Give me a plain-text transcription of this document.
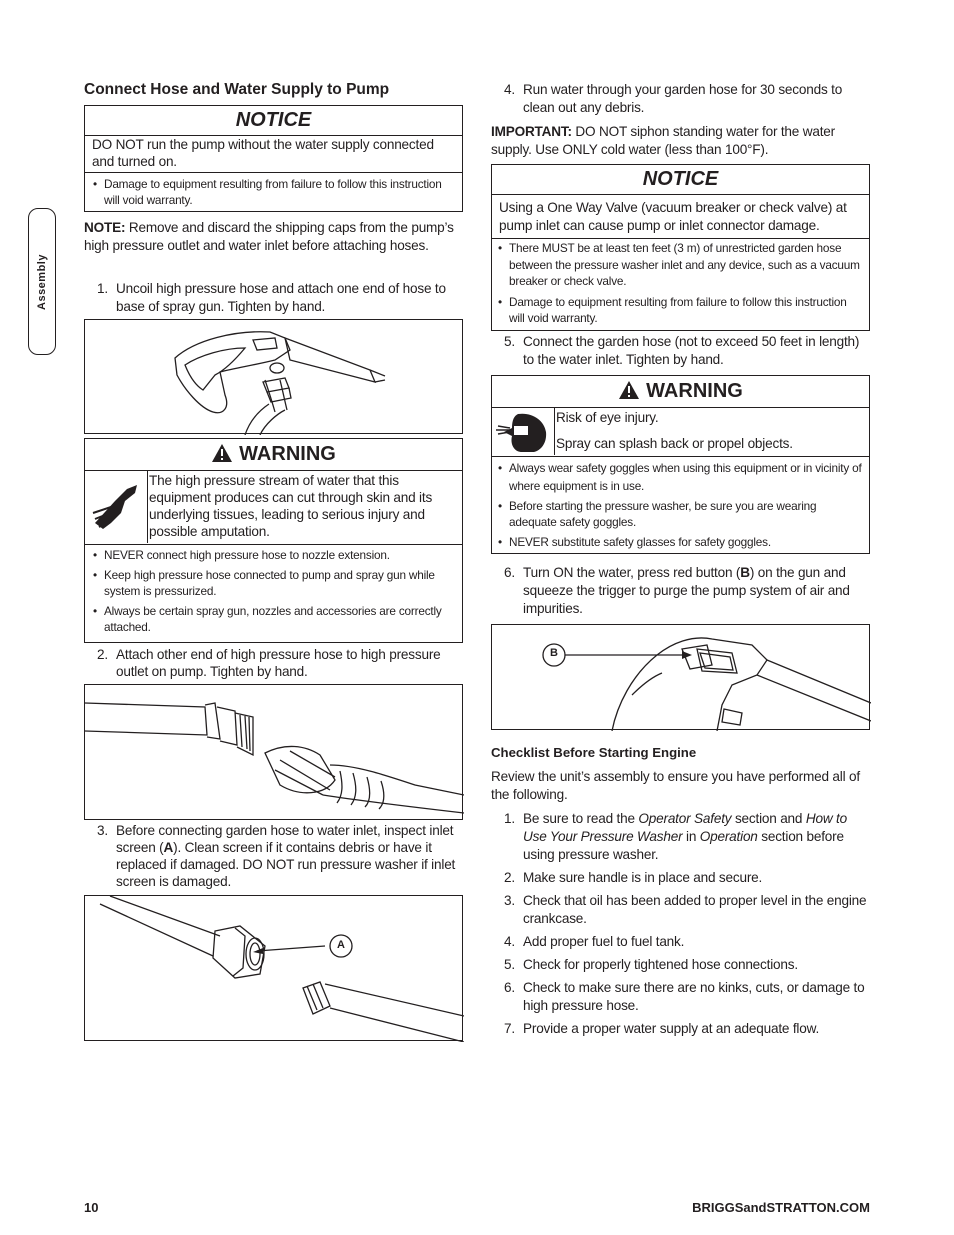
Assembly
Connect Hose and Water Supply to Pump
NOTICE
DO NOT run the pump without the water supply connected and turned on.
• Damage to equipment resulting from failure to follow this instruction will void warranty.
NOTE: Remove and discard the shipping caps from the pump’s high pressure outlet and water inlet before attaching hoses.
1. Uncoil high pressure hose and attach one end of hose to base of spray gun. Tighten by hand.
WARNING
The high pressure stream of water that this equipment produces can cut through skin and its underlying tissues, leading to serious injury and possible amputation.
• NEVER connect high pressure hose to nozzle extension.
• Keep high pressure hose connected to pump and spray gun while system is pressurized.
• Always be certain spray gun, nozzles and accessories are correctly attached.
2. Attach other end of high pressure hose to high pressure outlet on pump. Tighten by hand.
3. Before connecting garden hose to water inlet, inspect inlet screen (A). Clean screen if it contains debris or have it replaced if damaged. DO NOT run pressure washer if inlet screen is damaged.
A
4. Run water through your garden hose for 30 seconds to clean out any debris.
IMPORTANT: DO NOT siphon standing water for the water supply. Use ONLY cold water (less than 100°F).
NOTICE
Using a One Way Valve (vacuum breaker or check valve) at pump inlet can cause pump or inlet connector damage.
• There MUST be at least ten feet (3 m) of unrestricted garden hose between the pressure washer inlet and any device, such as a vacuum breaker or check valve.
• Damage to equipment resulting from failure to follow this instruction will void warranty.
5. Connect the garden hose (not to exceed 50 feet in length) to the water inlet. Tighten by hand.
WARNING
Risk of eye injury.
Spray can splash back or propel objects.
• Always wear safety goggles when using this equipment or in vicinity of where equipment is in use.
• Before starting the pressure washer, be sure you are wearing adequate safety goggles.
• NEVER substitute safety glasses for safety goggles.
6. Turn ON the water, press red button (B) on the gun and squeeze the trigger to purge the pump system of air and impurities.
B
Checklist Before Starting Engine
Review the unit’s assembly to ensure you have performed all of the following.
1. Be sure to read the Operator Safety section and How to Use Your Pressure Washer in Operation section before using pressure washer.
2. Make sure handle is in place and secure.
3. Check that oil has been added to proper level in the engine crankcase.
4. Add proper fuel to fuel tank.
5. Check for properly tightened hose connections.
6. Check to make sure there are no kinks, cuts, or damage to high pressure hose.
7. Provide a proper water supply at an adequate flow.
10	BRIGGSandSTRATTON.COM
